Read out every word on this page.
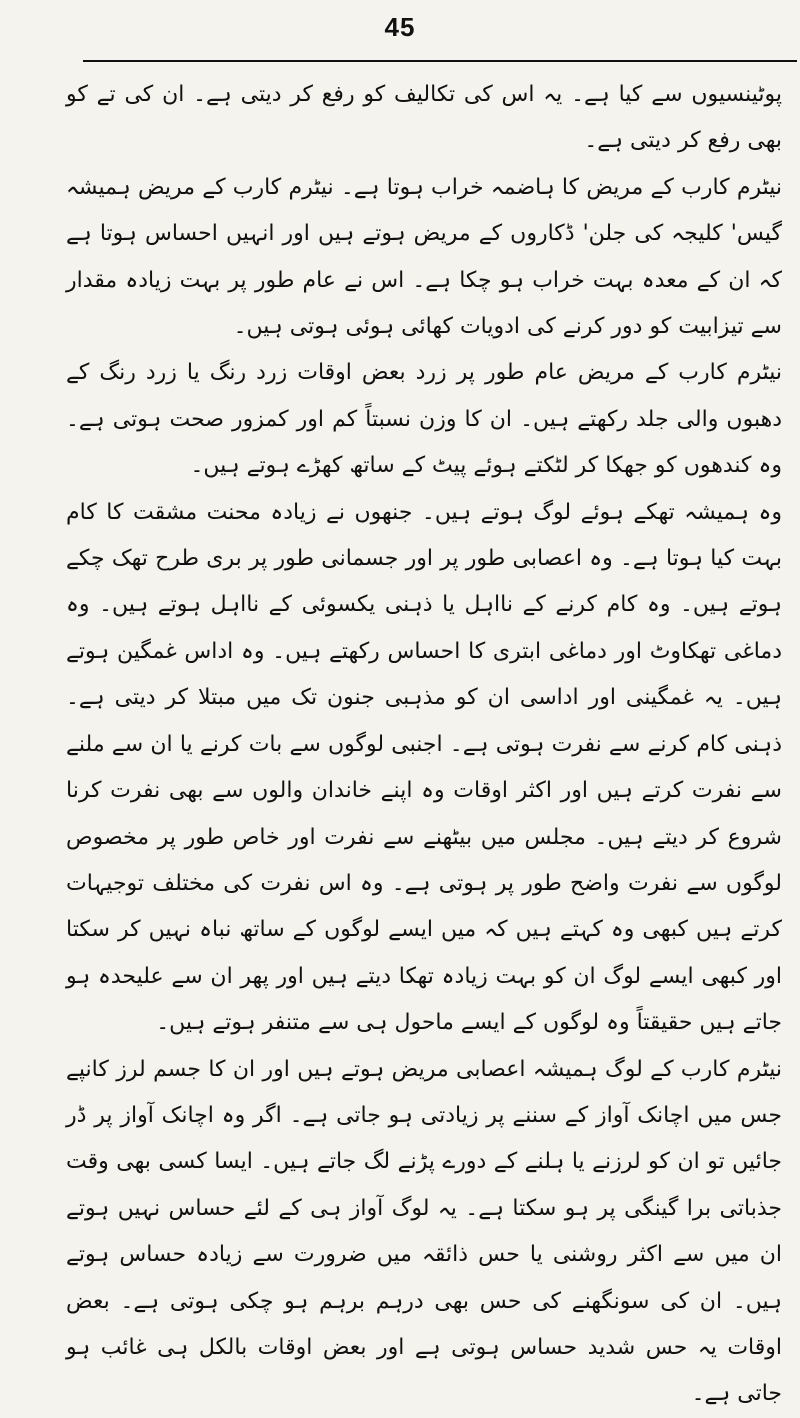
45

پوٹینسیوں سے کیا ہے۔ یہ اس کی تکالیف کو رفع کر دیتی ہے۔ ان کی تے کو بھی رفع کر دیتی ہے۔

نیٹرم کارب کے مریض کا ہاضمہ خراب ہوتا ہے۔ نیٹرم کارب کے مریض ہمیشہ گیس' کلیجہ کی جلن' ڈکاروں کے مریض ہوتے ہیں اور انہیں احساس ہوتا ہے کہ ان کے معدہ بہت خراب ہو چکا ہے۔ اس نے عام طور پر بہت زیادہ مقدار سے تیزابیت کو دور کرنے کی ادویات کھائی ہوئی ہوتی ہیں۔

نیٹرم کارب کے مریض عام طور پر زرد بعض اوقات زرد رنگ یا زرد رنگ کے دھبوں والی جلد رکھتے ہیں۔ ان کا وزن نسبتاً کم اور کمزور صحت ہوتی ہے۔ وہ کندھوں کو جھکا کر لٹکتے ہوئے پیٹ کے ساتھ کھڑے ہوتے ہیں۔

وہ ہمیشہ تھکے ہوئے لوگ ہوتے ہیں۔ جنھوں نے زیادہ محنت مشقت کا کام بہت کیا ہوتا ہے۔ وہ اعصابی طور پر اور جسمانی طور پر بری طرح تھک چکے ہوتے ہیں۔ وہ کام کرنے کے نااہل یا ذہنی یکسوئی کے نااہل ہوتے ہیں۔ وہ دماغی تھکاوٹ اور دماغی ابتری کا احساس رکھتے ہیں۔ وہ اداس غمگین ہوتے ہیں۔ یہ غمگینی اور اداسی ان کو مذہبی جنون تک میں مبتلا کر دیتی ہے۔ ذہنی کام کرنے سے نفرت ہوتی ہے۔ اجنبی لوگوں سے بات کرنے یا ان سے ملنے سے نفرت کرتے ہیں اور اکثر اوقات وہ اپنے خاندان والوں سے بھی نفرت کرنا شروع کر دیتے ہیں۔ مجلس میں بیٹھنے سے نفرت اور خاص طور پر مخصوص لوگوں سے نفرت واضح طور پر ہوتی ہے۔ وہ اس نفرت کی مختلف توجیہات کرتے ہیں کبھی وہ کہتے ہیں کہ میں ایسے لوگوں کے ساتھ نباہ نہیں کر سکتا اور کبھی ایسے لوگ ان کو بہت زیادہ تھکا دیتے ہیں اور پھر ان سے علیحدہ ہو جاتے ہیں حقیقتاً وہ لوگوں کے ایسے ماحول ہی سے متنفر ہوتے ہیں۔

نیٹرم کارب کے لوگ ہمیشہ اعصابی مریض ہوتے ہیں اور ان کا جسم لرز کانپے جس میں اچانک آواز کے سننے پر زیادتی ہو جاتی ہے۔ اگر وہ اچانک آواز پر ڈر جائیں تو ان کو لرزنے یا ہلنے کے دورے پڑنے لگ جاتے ہیں۔ ایسا کسی بھی وقت جذباتی برا گینگی پر ہو سکتا ہے۔ یہ لوگ آواز ہی کے لئے حساس نہیں ہوتے ان میں سے اکثر روشنی یا حس ذائقہ میں ضرورت سے زیادہ حساس ہوتے ہیں۔ ان کی سونگھنے کی حس بھی درہم برہم ہو چکی ہوتی ہے۔ بعض اوقات یہ حس شدید حساس ہوتی ہے اور بعض اوقات بالکل ہی غائب ہو جاتی ہے۔
